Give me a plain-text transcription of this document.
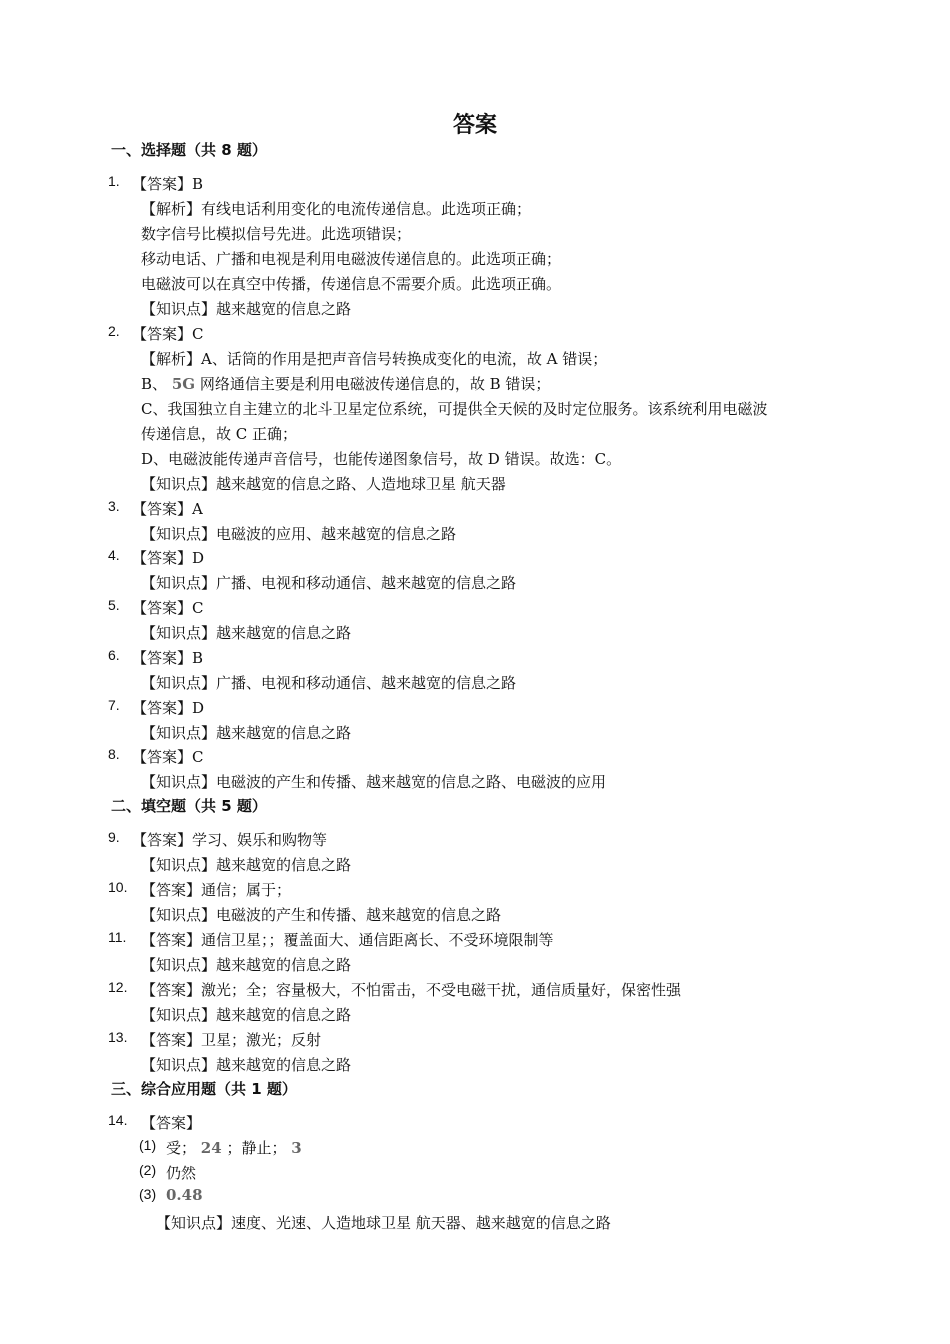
答案
一、选择题（共 8 题）
1. 【答案】B
【解析】有线电话利用变化的电流传递信息。此选项正确；
数字信号比模拟信号先进。此选项错误；
移动电话、广播和电视是利用电磁波传递信息的。此选项正确；
电磁波可以在真空中传播，传递信息不需要介质。此选项正确。
【知识点】越来越宽的信息之路
2. 【答案】C
【解析】A、话筒的作用是把声音信号转换成变化的电流，故 A 错误；
B、 5G 网络通信主要是利用电磁波传递信息的，故 B 错误；
C、我国独立自主建立的北斗卫星定位系统，可提供全天候的及时定位服务。该系统利用电磁波
传递信息，故 C 正确；
D、电磁波能传递声音信号，也能传递图象信号，故 D 错误。故选：C。
【知识点】越来越宽的信息之路、人造地球卫星 航天器
3. 【答案】A
【知识点】电磁波的应用、越来越宽的信息之路
4. 【答案】D
【知识点】广播、电视和移动通信、越来越宽的信息之路
5. 【答案】C
【知识点】越来越宽的信息之路
6. 【答案】B
【知识点】广播、电视和移动通信、越来越宽的信息之路
7. 【答案】D
【知识点】越来越宽的信息之路
8. 【答案】C
【知识点】电磁波的产生和传播、越来越宽的信息之路、电磁波的应用
二、填空题（共 5 题）
9. 【答案】学习、娱乐和购物等
【知识点】越来越宽的信息之路
10. 【答案】通信；属于；
【知识点】电磁波的产生和传播、越来越宽的信息之路
11. 【答案】通信卫星；；覆盖面大、通信距离长、不受环境限制等
【知识点】越来越宽的信息之路
12. 【答案】激光；全；容量极大，不怕雷击，不受电磁干扰，通信质量好，保密性强
【知识点】越来越宽的信息之路
13. 【答案】卫星；激光；反射
【知识点】越来越宽的信息之路
三、综合应用题（共 1 题）
14. 【答案】
(1) 受； 24 ；静止； 3
(2) 仍然
(3) 0.48
【知识点】速度、光速、人造地球卫星 航天器、越来越宽的信息之路
